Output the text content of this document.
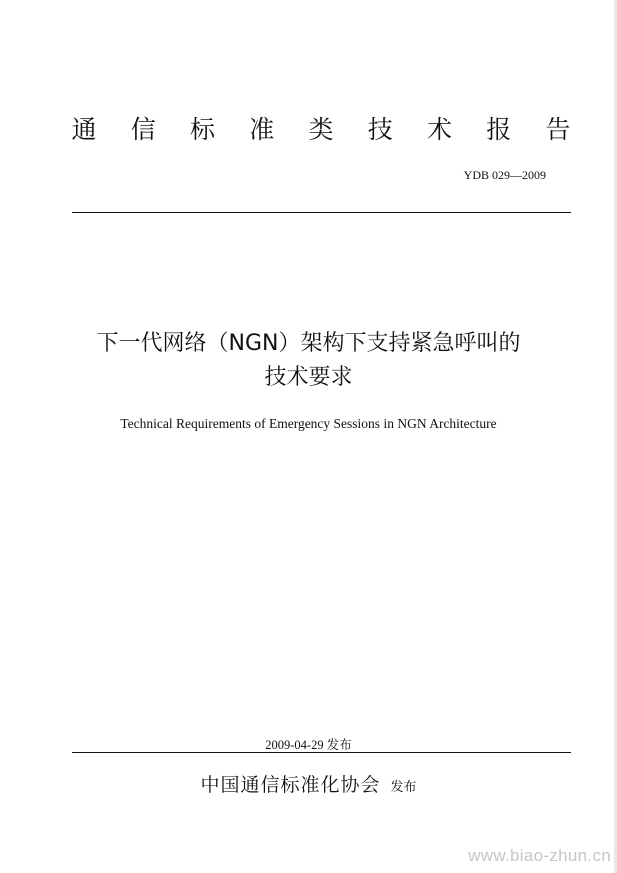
通 信 标 准 类 技 术 报 告
YDB 029—2009
下一代网络（NGN）架构下支持紧急呼叫的
技术要求
Technical Requirements of Emergency Sessions in NGN Architecture
2009-04-29 发布
中国通信标准化协会 发布
www.biao-zhun.cn
